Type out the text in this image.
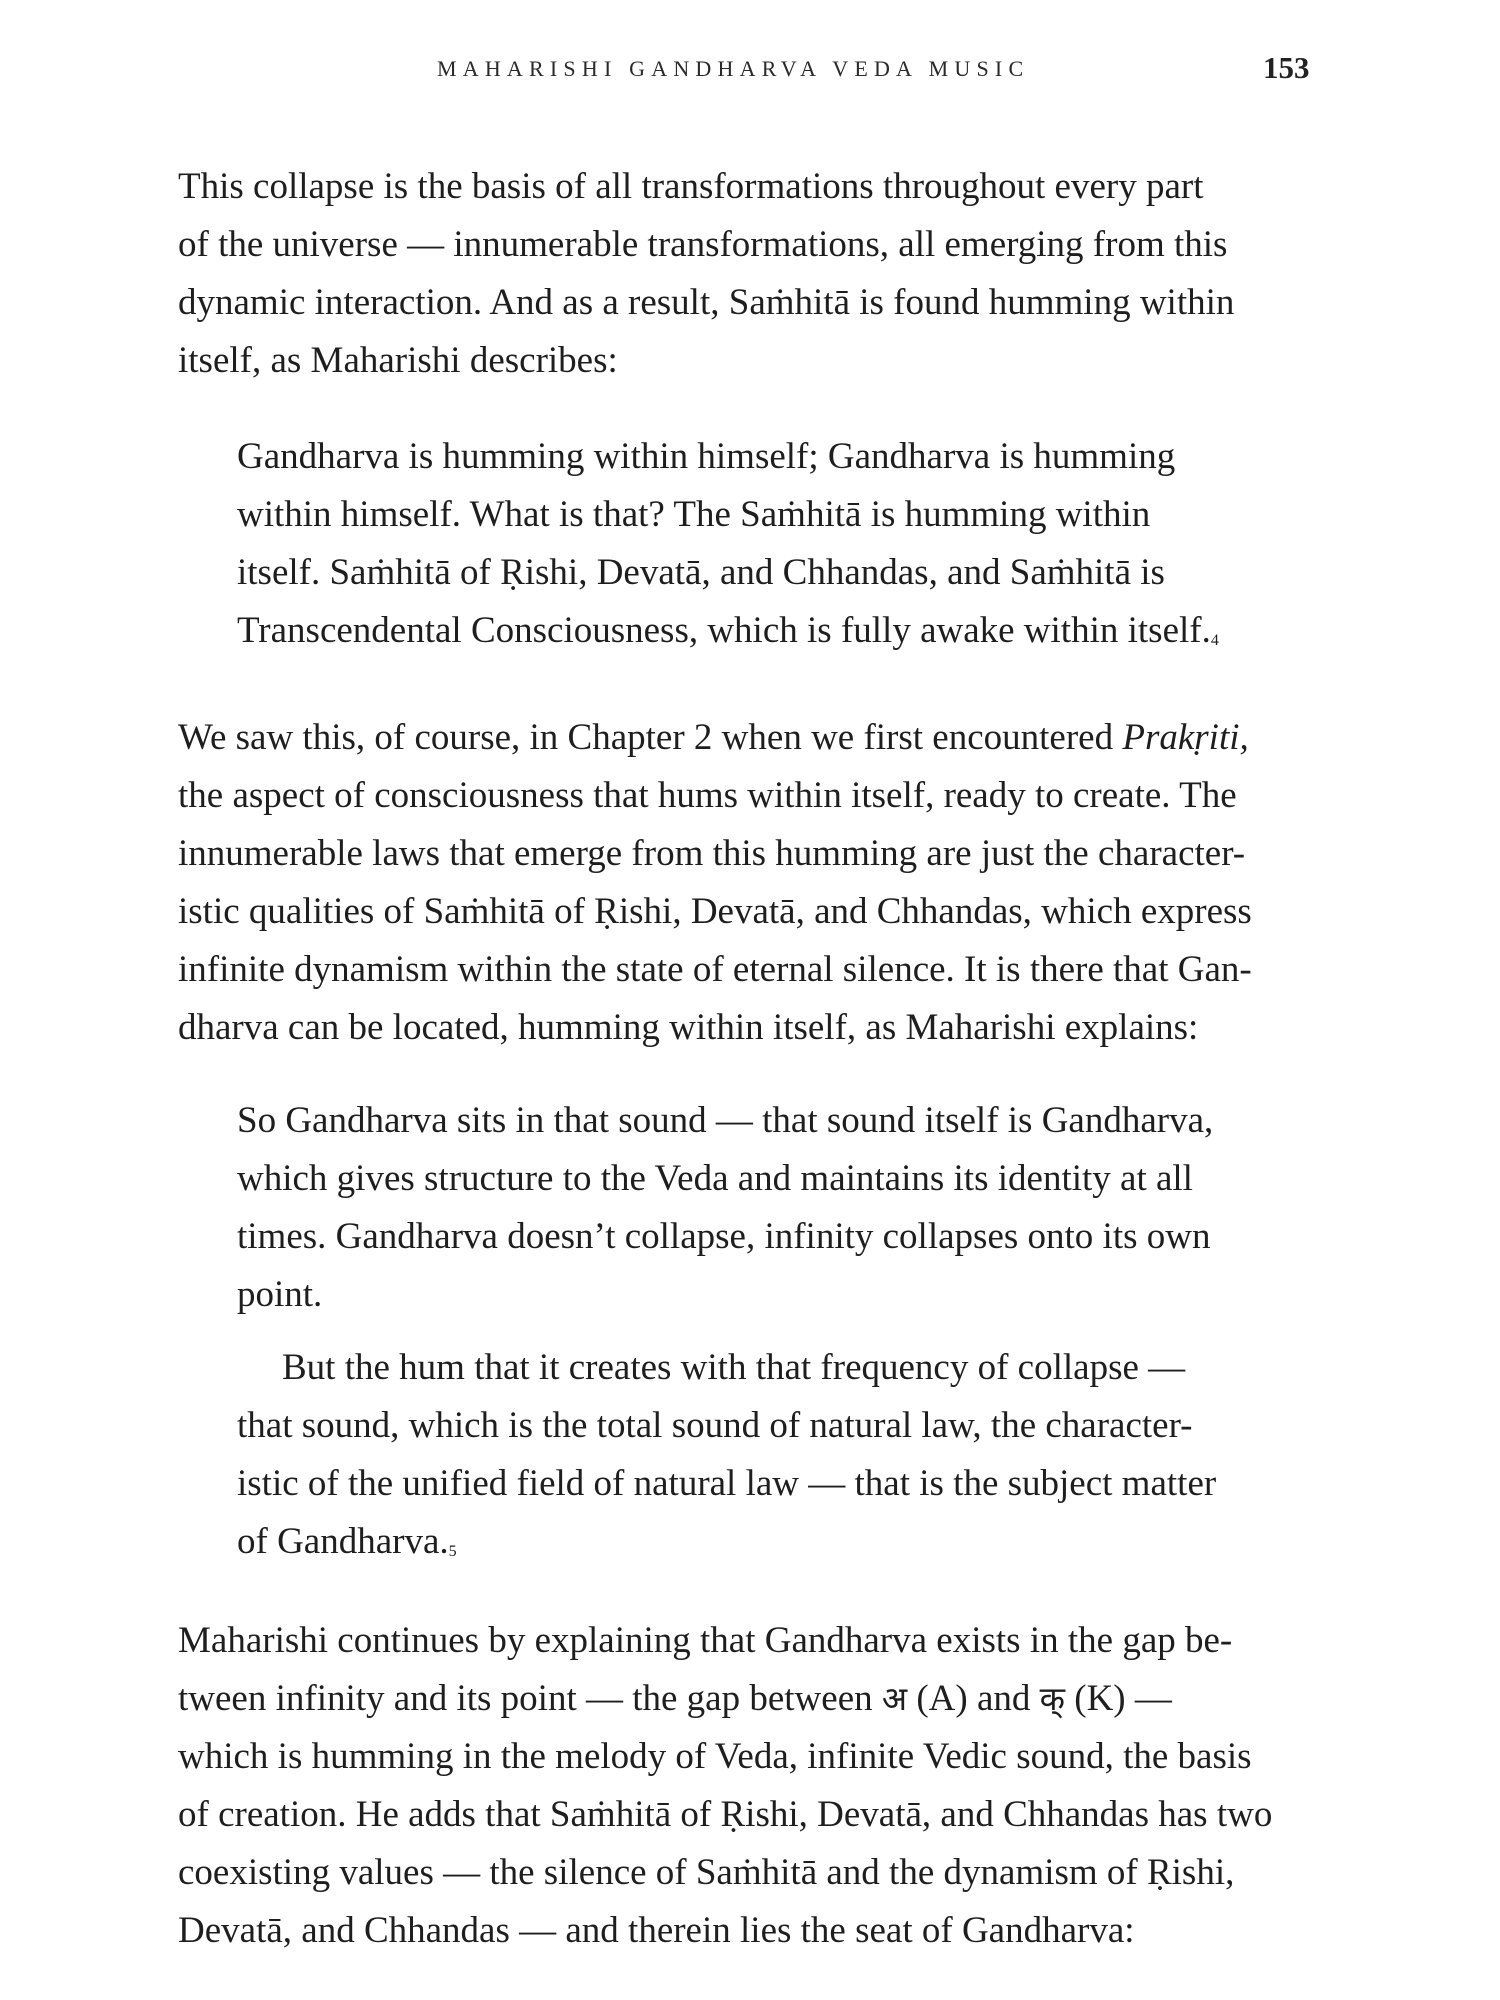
MAHARISHI GANDHARVA VEDA MUSIC	153

This collapse is the basis of all transformations throughout every part
of the universe — innumerable transformations, all emerging from this
dynamic interaction. And as a result, Saṁhitā is found humming within
itself, as Maharishi describes:

Gandharva is humming within himself; Gandharva is humming
within himself. What is that? The Saṁhitā is humming within
itself. Saṁhitā of Ṛishi, Devatā, and Chhandas, and Saṁhitā is
Transcendental Consciousness, which is fully awake within itself.$^4$

We saw this, of course, in Chapter 2 when we first encountered Prakṛiti,
the aspect of consciousness that hums within itself, ready to create. The
innumerable laws that emerge from this humming are just the character-
istic qualities of Saṁhitā of Ṛishi, Devatā, and Chhandas, which express
infinite dynamism within the state of eternal silence. It is there that Gan-
dharva can be located, humming within itself, as Maharishi explains:

So Gandharva sits in that sound — that sound itself is Gandharva,
which gives structure to the Veda and maintains its identity at all
times. Gandharva doesn’t collapse, infinity collapses onto its own
point.

But the hum that it creates with that frequency of collapse —
that sound, which is the total sound of natural law, the character-
istic of the unified field of natural law — that is the subject matter
of Gandharva.$^5$

Maharishi continues by explaining that Gandharva exists in the gap be-
tween infinity and its point — the gap between अ (A) and क् (K) —
which is humming in the melody of Veda, infinite Vedic sound, the basis
of creation. He adds that Saṁhitā of Ṛishi, Devatā, and Chhandas has two
coexisting values — the silence of Saṁhitā and the dynamism of Ṛishi,
Devatā, and Chhandas — and therein lies the seat of Gandharva:
